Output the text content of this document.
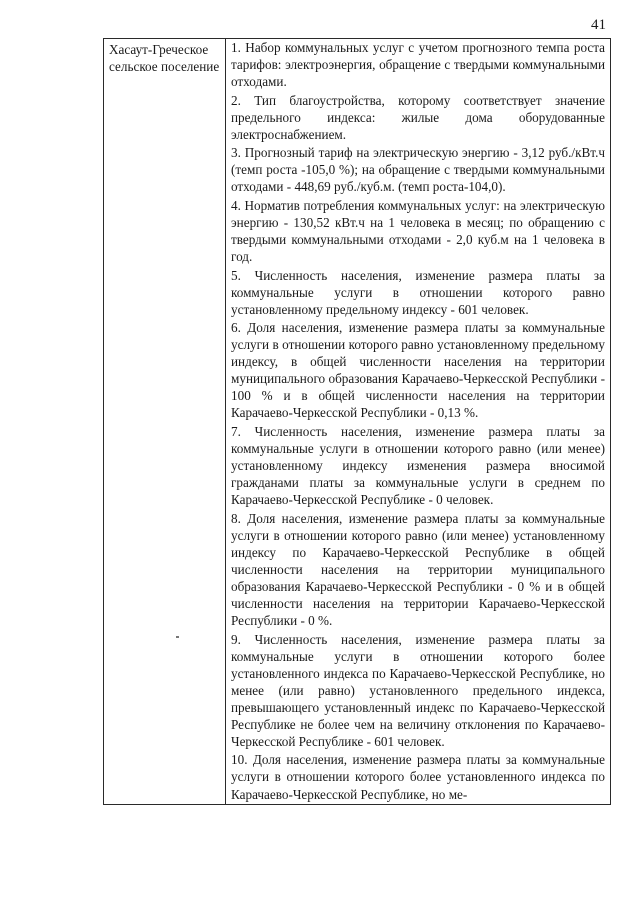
41
Хасаут-Греческое сельское поселение	
1. Набор коммунальных услуг с учетом прогнозного темпа роста тарифов: электроэнергия, обращение с твердыми коммунальными отходами.
2. Тип благоустройства, которому соответствует значение предельного индекса: жилые дома оборудованные электроснабжением.
3. Прогнозный тариф на электрическую энергию - 3,12 руб./кВт.ч (темп роста -105,0 %); на обращение с твердыми коммунальными отходами - 448,69 руб./куб.м. (темп роста-104,0).
4. Норматив потребления коммунальных услуг: на электрическую энергию - 130,52 кВт.ч на 1 человека в месяц; по обращению с твердыми коммунальными отходами - 2,0 куб.м на 1 человека в год.
5. Численность населения, изменение размера платы за коммунальные услуги в отношении которого равно установленному предельному индексу - 601 человек.
6. Доля населения, изменение размера платы за коммунальные услуги в отношении которого равно установленному предельному индексу, в общей численности населения на территории муниципального образования Карачаево-Черкесской Республики - 100 % и в общей численности населения на территории Карачаево-Черкесской Республики - 0,13 %.
7. Численность населения, изменение размера платы за коммунальные услуги в отношении которого равно (или менее) установленному индексу изменения размера вносимой гражданами платы за коммунальные услуги в среднем по Карачаево-Черкесской Республике - 0 человек.
8. Доля населения, изменение размера платы за коммунальные услуги в отношении которого равно (или менее) установленному индексу по Карачаево-Черкесской Республике в общей численности населения на территории муниципального образования Карачаево-Черкесской Республики - 0 % и в общей численности населения на территории Карачаево-Черкесской Республики - 0 %.
9. Численность населения, изменение размера платы за коммунальные услуги в отношении которого более установленного индекса по Карачаево-Черкесской Республике, но менее (или равно) установленного предельного индекса, превышающего установленный индекс по Карачаево-Черкесской Республике не более чем на величину отклонения по Карачаево-Черкесской Республике - 601 человек.
10. Доля населения, изменение размера платы за коммунальные услуги в отношении которого более установленного индекса по Карачаево-Черкесской Республике, но ме-
